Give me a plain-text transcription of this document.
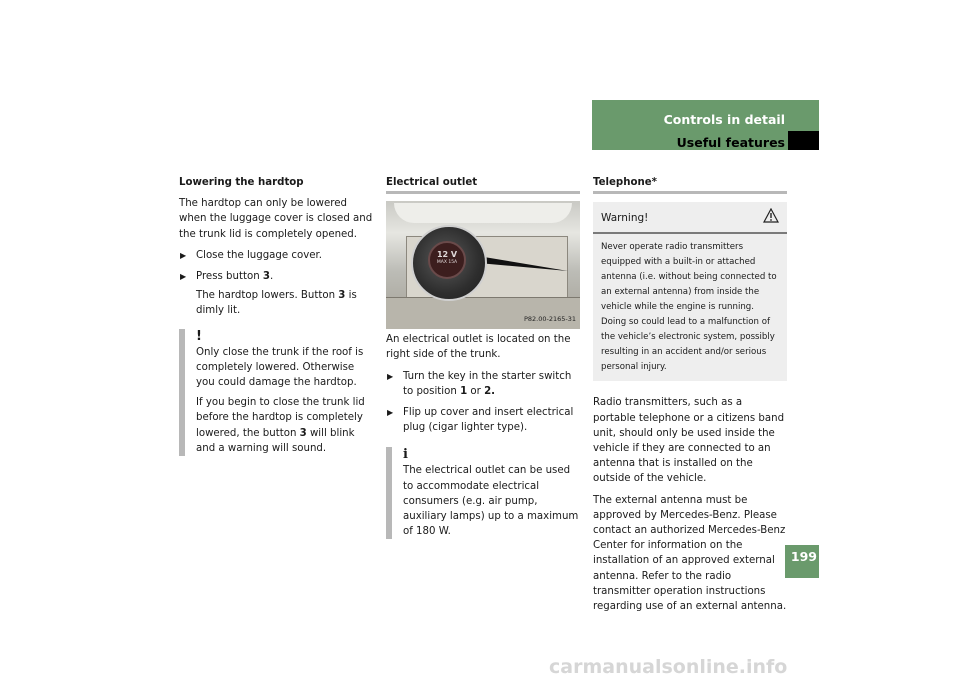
Controls in detail
Useful features

Lowering the hardtop

The hardtop can only be lowered when the luggage cover is closed and the trunk lid is completely opened.

▶ Close the luggage cover.
▶ Press button 3.
The hardtop lowers. Button 3 is dimly lit.
!

Only close the trunk if the roof is completely lowered. Otherwise you could damage the hardtop.

If you begin to close the trunk lid before the hardtop is completely lowered, the button 3 will blink and a warning will sound.

Electrical outlet

12 V
MAX 15A
P82.00-2165-31

An electrical outlet is located on the right side of the trunk.

▶ Turn the key in the starter switch to position 1 or 2.
▶ Flip up cover and insert electrical plug (cigar lighter type).
i

The electrical outlet can be used to accommodate electrical consumers (e.g. air pump, auxiliary lamps) up to a maximum of 180 W.

Telephone*

Warning!
Never operate radio transmitters equipped with a built-in or attached antenna (i.e. without being connected to an external antenna) from inside the vehicle while the engine is running. Doing so could lead to a malfunction of the vehicle’s electronic system, possibly resulting in an accident and/or serious personal injury.

Radio transmitters, such as a portable telephone or a citizens band unit, should only be used inside the vehicle if they are connected to an antenna that is installed on the outside of the vehicle.

The external antenna must be approved by Mercedes-Benz. Please contact an authorized Mercedes-Benz Center for information on the installation of an approved external antenna. Refer to the radio transmitter operation instructions regarding use of an external antenna.

199
carmanualsonline.info
